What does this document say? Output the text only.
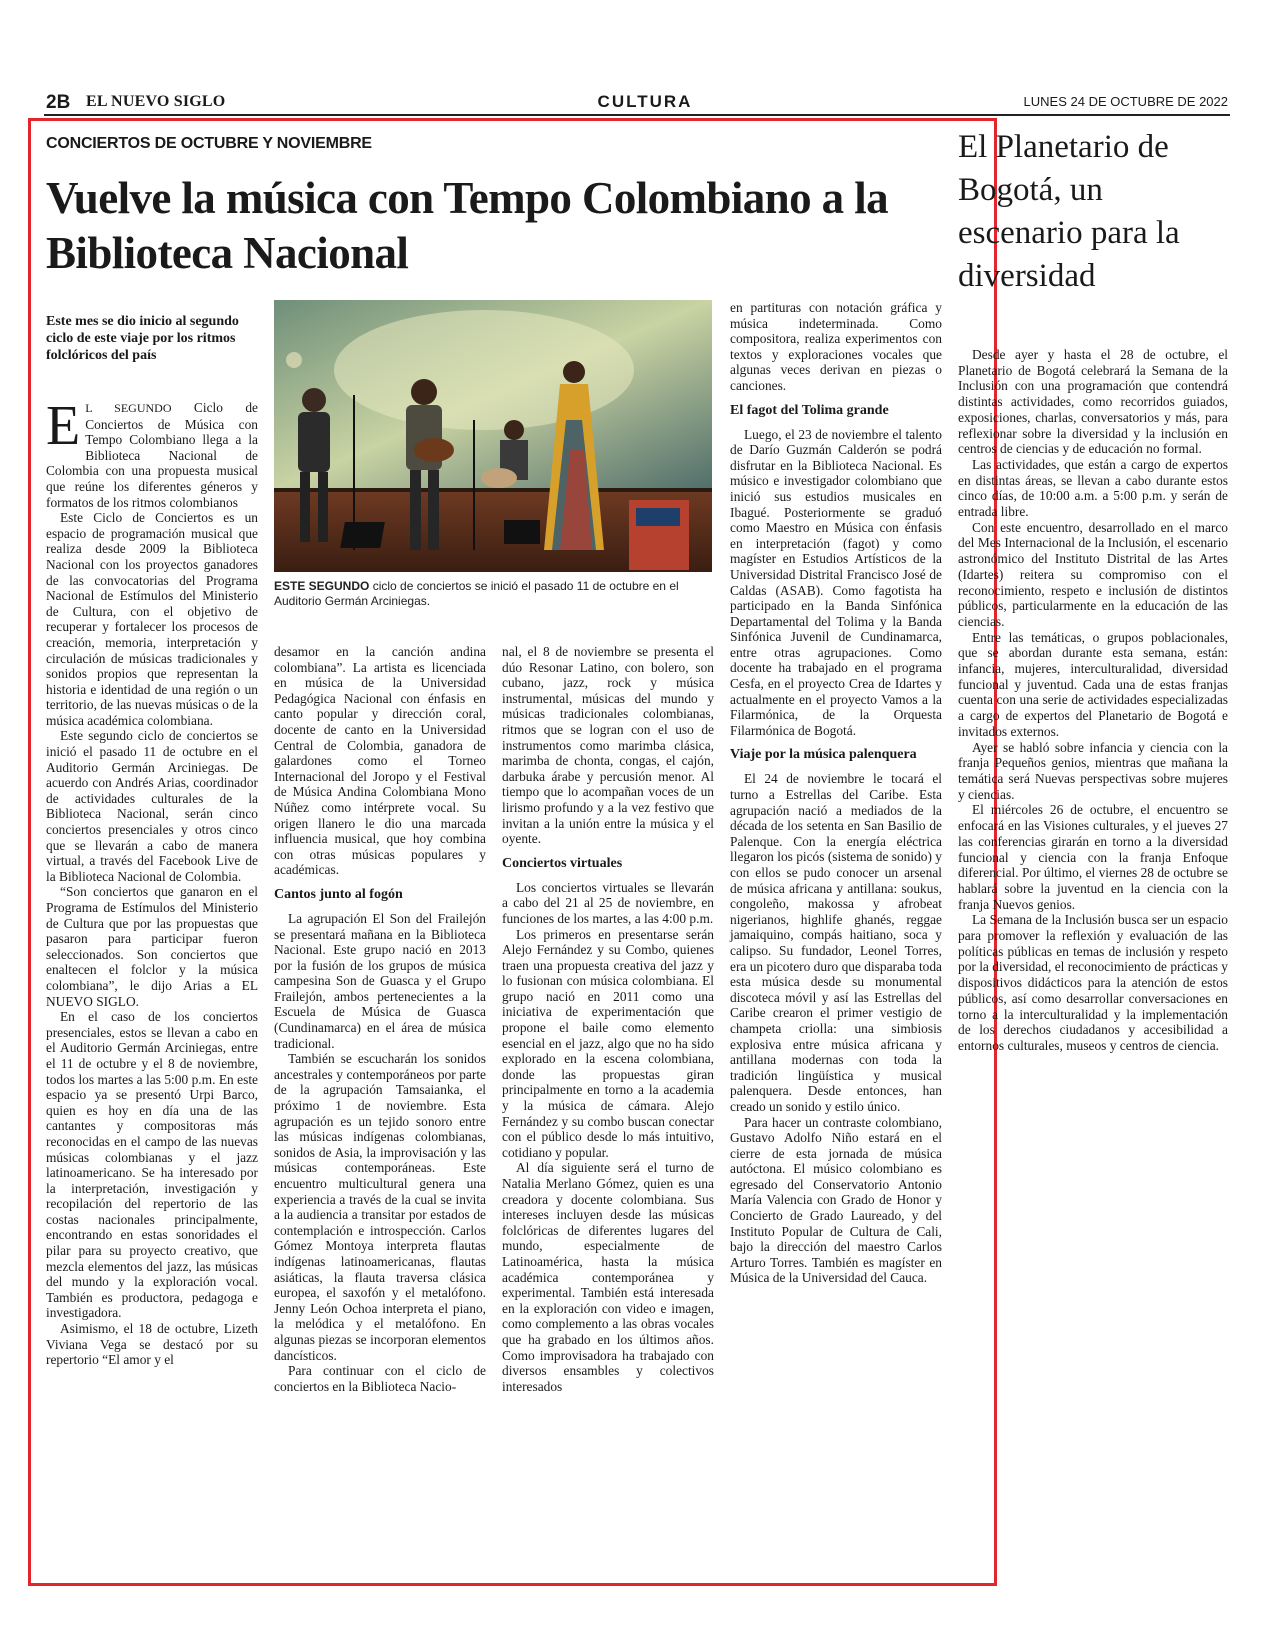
2B EL NUEVO SIGLO	CULTURA	LUNES 24 DE OCTUBRE DE 2022
CONCIERTOS DE OCTUBRE Y NOVIEMBRE
Vuelve la música con Tempo Colombiano a la Biblioteca Nacional

Este mes se dio inicio al segundo ciclo de este viaje por los ritmos folclóricos del país

E L SEGUNDO Ciclo de Conciertos de Música con Tempo Colombiano llega a la Biblioteca Nacional de Colombia con una propuesta musical que reúne los diferentes géneros y formatos de los ritmos colombianos

Este Ciclo de Conciertos es un espacio de programación musical que realiza desde 2009 la Biblioteca Nacional con los proyectos ganadores de las convocatorias del Programa Nacional de Estímulos del Ministerio de Cultura, con el objetivo de recuperar y fortalecer los procesos de creación, memoria, interpretación y circulación de músicas tradicionales y sonidos propios que representan la historia e identidad de una región o un territorio, de las nuevas músicas o de la música académica colombiana.

Este segundo ciclo de conciertos se inició el pasado 11 de octubre en el Auditorio Germán Arciniegas. De acuerdo con Andrés Arias, coordinador de actividades culturales de la Biblioteca Nacional, serán cinco conciertos presenciales y otros cinco que se llevarán a cabo de manera virtual, a través del Facebook Live de la Biblioteca Nacional de Colombia.

“Son conciertos que ganaron en el Programa de Estímulos del Ministerio de Cultura que por las propuestas que pasaron para participar fueron seleccionados. Son conciertos que enaltecen el folclor y la música colombiana”, le dijo Arias a EL NUEVO SIGLO.

En el caso de los conciertos presenciales, estos se llevan a cabo en el Auditorio Germán Arciniegas, entre el 11 de octubre y el 8 de noviembre, todos los martes a las 5:00 p.m. En este espacio ya se presentó Urpi Barco, quien es hoy en día una de las cantantes y compositoras más reconocidas en el campo de las nuevas músicas colombianas y el jazz latinoamericano. Se ha interesado por la interpretación, investigación y recopilación del repertorio de las costas nacionales principalmente, encontrando en estas sonoridades el pilar para su proyecto creativo, que mezcla elementos del jazz, las músicas del mundo y la exploración vocal. También es productora, pedagoga e investigadora.

Asimismo, el 18 de octubre, Lizeth Viviana Vega se destacó por su repertorio “El amor y el

ESTE SEGUNDO ciclo de conciertos se inició el pasado 11 de octubre en el Auditorio Germán Arciniegas.

desamor en la canción andina colombiana”. La artista es licenciada en música de la Universidad Pedagógica Nacional con énfasis en canto popular y dirección coral, docente de canto en la Universidad Central de Colombia, ganadora de galardones como el Torneo Internacional del Joropo y el Festival de Música Andina Colombiana Mono Núñez como intérprete vocal. Su origen llanero le dio una marcada influencia musical, que hoy combina con otras músicas populares y académicas.

Cantos junto al fogón

La agrupación El Son del Frailejón se presentará mañana en la Biblioteca Nacional. Este grupo nació en 2013 por la fusión de los grupos de música campesina Son de Guasca y el Grupo Frailejón, ambos pertenecientes a la Escuela de Música de Guasca (Cundinamarca) en el área de música tradicional.

También se escucharán los sonidos ancestrales y contemporáneos por parte de la agrupación Tamsaianka, el próximo 1 de noviembre. Esta agrupación es un tejido sonoro entre las músicas indígenas colombianas, sonidos de Asia, la improvisación y las músicas contemporáneas. Este encuentro multicultural genera una experiencia a través de la cual se invita a la audiencia a transitar por estados de contemplación e introspección. Carlos Gómez Montoya interpreta flautas indígenas latinoamericanas, flautas asiáticas, la flauta traversa clásica europea, el saxofón y el metalófono. Jenny León Ochoa interpreta el piano, la melódica y el metalófono. En algunas piezas se incorporan elementos dancísticos.

Para continuar con el ciclo de conciertos en la Biblioteca Nacio-

nal, el 8 de noviembre se presenta el dúo Resonar Latino, con bolero, son cubano, jazz, rock y música instrumental, músicas del mundo y músicas tradicionales colombianas, ritmos que se logran con el uso de instrumentos como marimba clásica, marimba de chonta, congas, el cajón, darbuka árabe y percusión menor. Al tiempo que lo acompañan voces de un lirismo profundo y a la vez festivo que invitan a la unión entre la música y el oyente.

Conciertos virtuales

Los conciertos virtuales se llevarán a cabo del 21 al 25 de noviembre, en funciones de los martes, a las 4:00 p.m.

Los primeros en presentarse serán Alejo Fernández y su Combo, quienes traen una propuesta creativa del jazz y lo fusionan con música colombiana. El grupo nació en 2011 como una iniciativa de experimentación que propone el baile como elemento esencial en el jazz, algo que no ha sido explorado en la escena colombiana, donde las propuestas giran principalmente en torno a la academia y la música de cámara. Alejo Fernández y su combo buscan conectar con el público desde lo más intuitivo, cotidiano y popular.

Al día siguiente será el turno de Natalia Merlano Gómez, quien es una creadora y docente colombiana. Sus intereses incluyen desde las músicas folclóricas de diferentes lugares del mundo, especialmente de Latinoamérica, hasta la música académica contemporánea y experimental. También está interesada en la exploración con video e imagen, como complemento a las obras vocales que ha grabado en los últimos años. Como improvisadora ha trabajado con diversos ensambles y colectivos interesados

en partituras con notación gráfica y música indeterminada. Como compositora, realiza experimentos con textos y exploraciones vocales que algunas veces derivan en piezas o canciones.

El fagot del Tolima grande

Luego, el 23 de noviembre el talento de Darío Guzmán Calderón se podrá disfrutar en la Biblioteca Nacional. Es músico e investigador colombiano que inició sus estudios musicales en Ibagué. Posteriormente se graduó como Maestro en Música con énfasis en interpretación (fagot) y como magíster en Estudios Artísticos de la Universidad Distrital Francisco José de Caldas (ASAB). Como fagotista ha participado en la Banda Sinfónica Departamental del Tolima y la Banda Sinfónica Juvenil de Cundinamarca, entre otras agrupaciones. Como docente ha trabajado en el programa Cesfa, en el proyecto Crea de Idartes y actualmente en el proyecto Vamos a la Filarmónica, de la Orquesta Filarmónica de Bogotá.

Viaje por la música palenquera

El 24 de noviembre le tocará el turno a Estrellas del Caribe. Esta agrupación nació a mediados de la década de los setenta en San Basilio de Palenque. Con la energía eléctrica llegaron los picós (sistema de sonido) y con ellos se pudo conocer un arsenal de música africana y antillana: soukus, congoleño, makossa y afrobeat nigerianos, highlife ghanés, reggae jamaiquino, compás haitiano, soca y calipso. Su fundador, Leonel Torres, era un picotero duro que disparaba toda esta música desde su monumental discoteca móvil y así las Estrellas del Caribe crearon el primer vestigio de champeta criolla: una simbiosis explosiva entre música africana y antillana modernas con toda la tradición lingüística y musical palenquera. Desde entonces, han creado un sonido y estilo único.

Para hacer un contraste colombiano, Gustavo Adolfo Niño estará en el cierre de esta jornada de música autóctona. El músico colombiano es egresado del Conservatorio Antonio María Valencia con Grado de Honor y Concierto de Grado Laureado, y del Instituto Popular de Cultura de Cali, bajo la dirección del maestro Carlos Arturo Torres. También es magíster en Música de la Universidad del Cauca.

El Planetario de Bogotá, un escenario para la diversidad

Desde ayer y hasta el 28 de octubre, el Planetario de Bogotá celebrará la Semana de la Inclusión con una programación que contendrá distintas actividades, como recorridos guiados, exposiciones, charlas, conversatorios y más, para reflexionar sobre la diversidad y la inclusión en centros de ciencias y de educación no formal.

Las actividades, que están a cargo de expertos en distintas áreas, se llevan a cabo durante estos cinco días, de 10:00 a.m. a 5:00 p.m. y serán de entrada libre.

Con este encuentro, desarrollado en el marco del Mes Internacional de la Inclusión, el escenario astronómico del Instituto Distrital de las Artes (Idartes) reitera su compromiso con el reconocimiento, respeto e inclusión de distintos públicos, particularmente en la educación de las ciencias.

Entre las temáticas, o grupos poblacionales, que se abordan durante esta semana, están: infancia, mujeres, interculturalidad, diversidad funcional y juventud. Cada una de estas franjas cuenta con una serie de actividades especializadas a cargo de expertos del Planetario de Bogotá e invitados externos.

Ayer se habló sobre infancia y ciencia con la franja Pequeños genios, mientras que mañana la temática será Nuevas perspectivas sobre mujeres y ciencias.

El miércoles 26 de octubre, el encuentro se enfocará en las Visiones culturales, y el jueves 27 las conferencias girarán en torno a la diversidad funcional y ciencia con la franja Enfoque diferencial. Por último, el viernes 28 de octubre se hablará sobre la juventud en la ciencia con la franja Nuevos genios.

La Semana de la Inclusión busca ser un espacio para promover la reflexión y evaluación de las políticas públicas en temas de inclusión y respeto por la diversidad, el reconocimiento de prácticas y dispositivos didácticos para la atención de estos públicos, así como desarrollar conversaciones en torno a la interculturalidad y la implementación de los derechos ciudadanos y accesibilidad a entornos culturales, museos y centros de ciencia.
